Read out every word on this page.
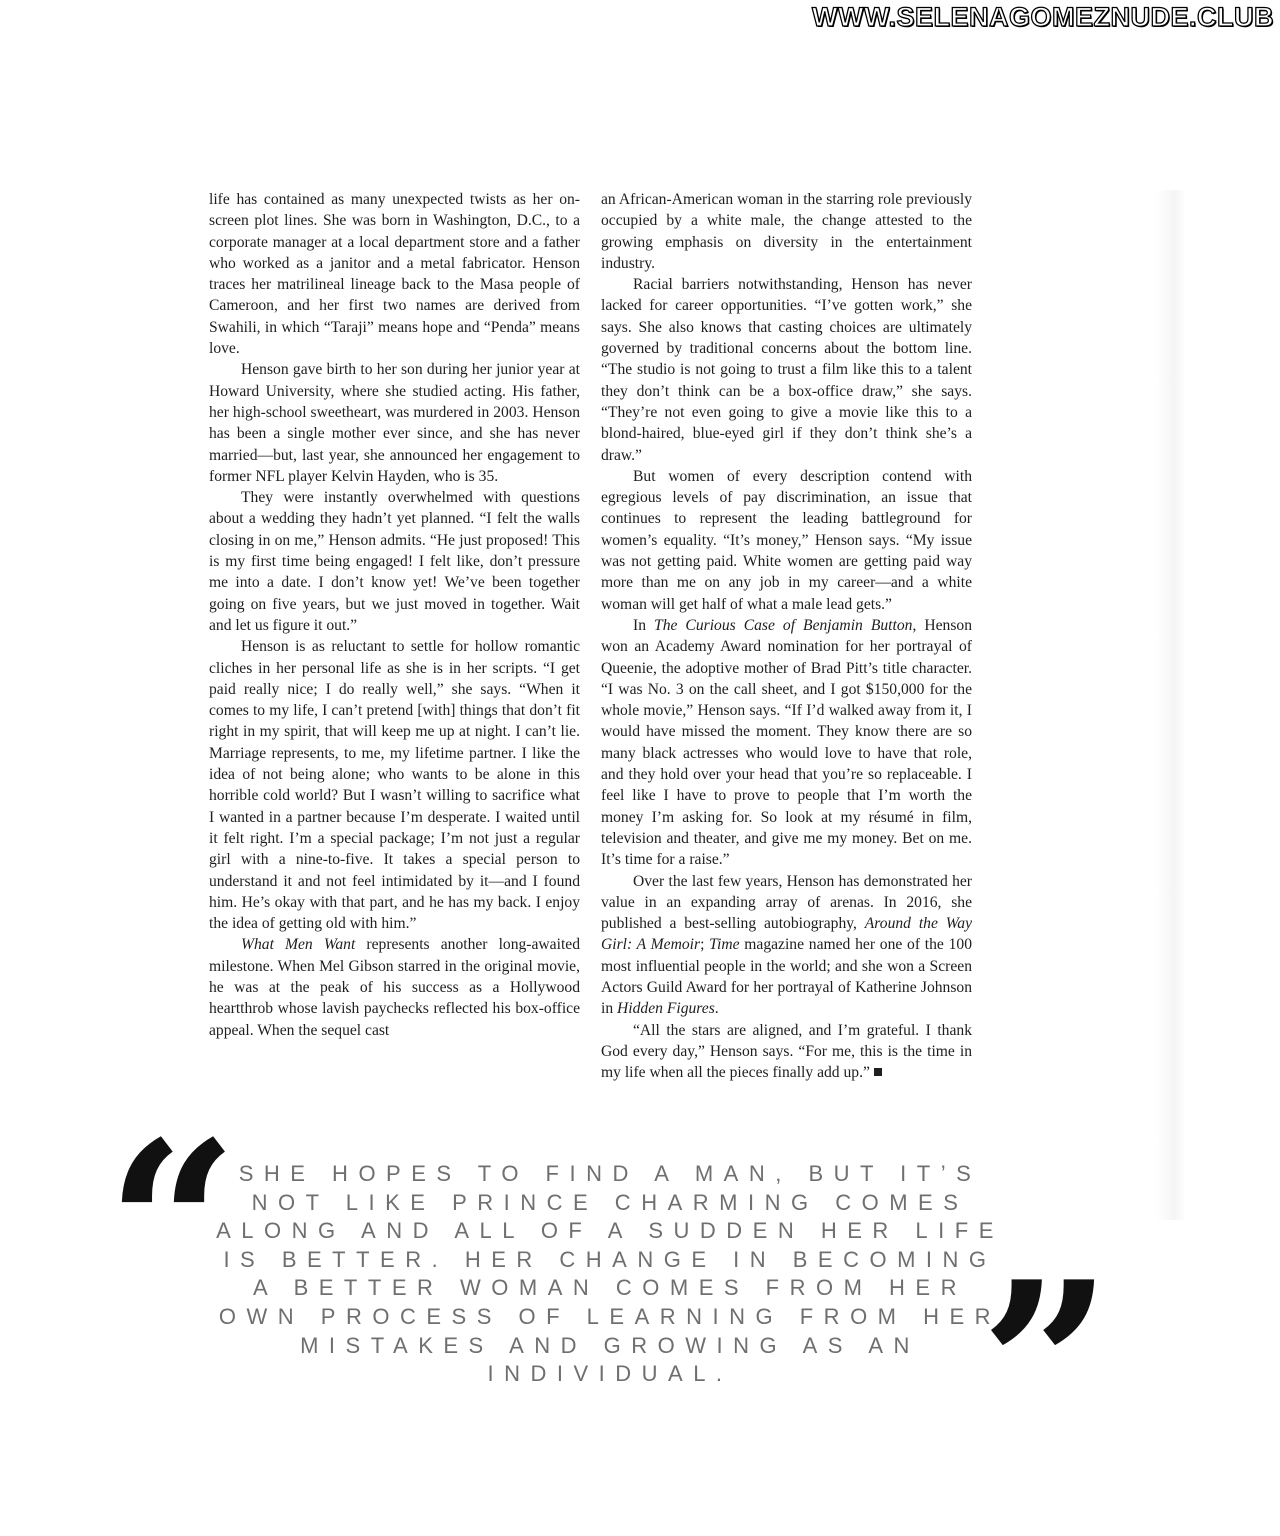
WWW.SELENAGOMEZNUDE.CLUB

life has contained as many unexpected twists as her on-screen plot lines. She was born in Washington, D.C., to a corporate manager at a local department store and a father who worked as a janitor and a metal fabricator. Henson traces her matrilineal lineage back to the Masa people of Cameroon, and her first two names are derived from Swahili, in which “Taraji” means hope and “Penda” means love.

Henson gave birth to her son during her junior year at Howard University, where she studied acting. His father, her high-school sweetheart, was murdered in 2003. Henson has been a single mother ever since, and she has never married—but, last year, she announced her engagement to former NFL player Kelvin Hayden, who is 35.

They were instantly overwhelmed with questions about a wedding they hadn’t yet planned. “I felt the walls closing in on me,” Henson admits. “He just proposed! This is my first time being engaged! I felt like, don’t pressure me into a date. I don’t know yet! We’ve been together going on five years, but we just moved in together. Wait and let us figure it out.”

Henson is as reluctant to settle for hollow romantic cliches in her personal life as she is in her scripts. “I get paid really nice; I do really well,” she says. “When it comes to my life, I can’t pretend [with] things that don’t fit right in my spirit, that will keep me up at night. I can’t lie. Marriage represents, to me, my lifetime partner. I like the idea of not being alone; who wants to be alone in this horrible cold world? But I wasn’t willing to sacrifice what I wanted in a partner because I’m desperate. I waited until it felt right. I’m a special package; I’m not just a regular girl with a nine-to-five. It takes a special person to understand it and not feel intimidated by it—and I found him. He’s okay with that part, and he has my back. I enjoy the idea of getting old with him.”

What Men Want represents another long-awaited milestone. When Mel Gibson starred in the original movie, he was at the peak of his success as a Hollywood heartthrob whose lavish paychecks reflected his box-office appeal. When the sequel cast

an African-American woman in the starring role previously occupied by a white male, the change attested to the growing emphasis on diversity in the entertainment industry.

Racial barriers notwithstanding, Henson has never lacked for career opportunities. “I’ve gotten work,” she says. She also knows that casting choices are ultimately governed by traditional concerns about the bottom line. “The studio is not going to trust a film like this to a talent they don’t think can be a box-office draw,” she says. “They’re not even going to give a movie like this to a blond-haired, blue-eyed girl if they don’t think she’s a draw.”

But women of every description contend with egregious levels of pay discrimination, an issue that continues to represent the leading battleground for women’s equality. “It’s money,” Henson says. “My issue was not getting paid. White women are getting paid way more than me on any job in my career—and a white woman will get half of what a male lead gets.”

In The Curious Case of Benjamin Button, Henson won an Academy Award nomination for her portrayal of Queenie, the adoptive mother of Brad Pitt’s title character. “I was No. 3 on the call sheet, and I got $150,000 for the whole movie,” Henson says. “If I’d walked away from it, I would have missed the moment. They know there are so many black actresses who would love to have that role, and they hold over your head that you’re so replaceable. I feel like I have to prove to people that I’m worth the money I’m asking for. So look at my résumé in film, television and theater, and give me my money. Bet on me. It’s time for a raise.”

Over the last few years, Henson has demonstrated her value in an expanding array of arenas. In 2016, she published a best-selling autobiography, Around the Way Girl: A Memoir; Time magazine named her one of the 100 most influential people in the world; and she won a Screen Actors Guild Award for her portrayal of Katherine Johnson in Hidden Figures.

“All the stars are aligned, and I’m grateful. I thank God every day,” Henson says. “For me, this is the time in my life when all the pieces finally add up.”

“ SHE HOPES TO FIND A MAN, BUT IT’S NOT LIKE PRINCE CHARMING COMES ALONG AND ALL OF A SUDDEN HER LIFE IS BETTER. HER CHANGE IN BECOMING A BETTER WOMAN COMES FROM HER OWN PROCESS OF LEARNING FROM HER MISTAKES AND GROWING AS AN INDIVIDUAL.	”
